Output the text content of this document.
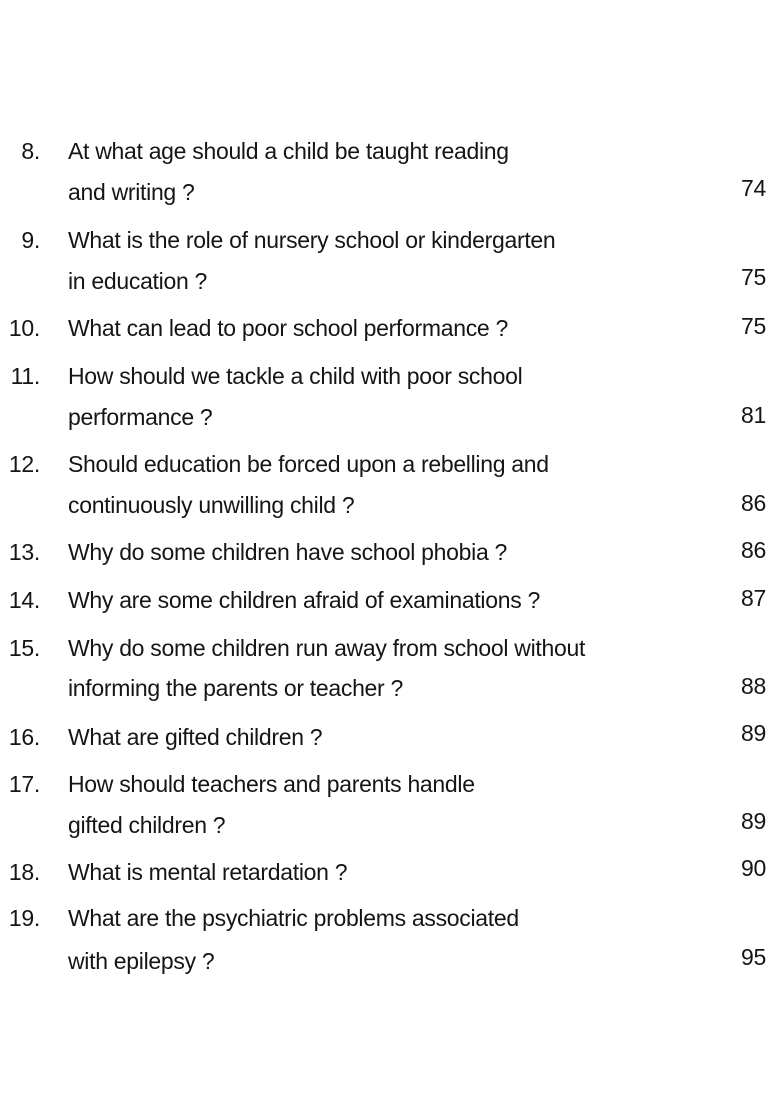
8. At what age should a child be taught reading
and writing ?	74
9. What is the role of nursery school or kindergarten
in education ?	75
10. What can lead to poor school performance ?	75
11. How should we tackle a child with poor school
performance ?	81
12. Should education be forced upon a rebelling and
continuously unwilling child ?	86
13. Why do some children have school phobia ?	86
14. Why are some children afraid of examinations ?	87
15. Why do some children run away from school without
informing the parents or teacher ?	88
16. What are gifted children ?	89
17. How should teachers and parents handle
gifted children ?	89
18. What is mental retardation ?	90
19. What are the psychiatric problems associated
with epilepsy ?	95
